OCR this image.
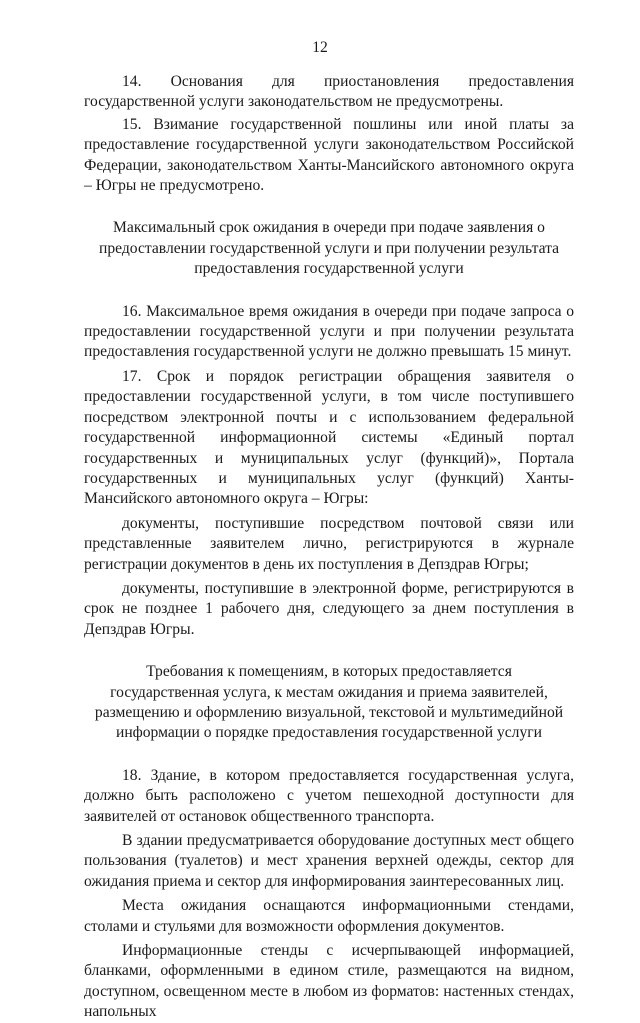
12

14. Основания для приостановления предоставления государственной услуги законодательством не предусмотрены.

15. Взимание государственной пошлины или иной платы за предоставление государственной услуги законодательством Российской Федерации, законодательством Ханты-Мансийского автономного округа – Югры не предусмотрено.

Максимальный срок ожидания в очереди при подаче заявления о предоставлении государственной услуги и при получении результата предоставления государственной услуги

16. Максимальное время ожидания в очереди при подаче запроса о предоставлении государственной услуги и при получении результата предоставления государственной услуги не должно превышать 15 минут.

17. Срок и порядок регистрации обращения заявителя о предоставлении государственной услуги, в том числе поступившего посредством электронной почты и с использованием федеральной государственной информационной системы «Единый портал государственных и муниципальных услуг (функций)», Портала государственных и муниципальных услуг (функций) Ханты-Мансийского автономного округа – Югры:

документы, поступившие посредством почтовой связи или представленные заявителем лично, регистрируются в журнале регистрации документов в день их поступления в Депздрав Югры;

документы, поступившие в электронной форме, регистрируются в срок не позднее 1 рабочего дня, следующего за днем поступления в Депздрав Югры.

Требования к помещениям, в которых предоставляется государственная услуга, к местам ожидания и приема заявителей, размещению и оформлению визуальной, текстовой и мультимедийной информации о порядке предоставления государственной услуги

18. Здание, в котором предоставляется государственная услуга, должно быть расположено с учетом пешеходной доступности для заявителей от остановок общественного транспорта.

В здании предусматривается оборудование доступных мест общего пользования (туалетов) и мест хранения верхней одежды, сектор для ожидания приема и сектор для информирования заинтересованных лиц.

Места ожидания оснащаются информационными стендами, столами и стульями для возможности оформления документов.

Информационные стенды с исчерпывающей информацией, бланками, оформленными в едином стиле, размещаются на видном, доступном, освещенном месте в любом из форматов: настенных стендах, напольных
